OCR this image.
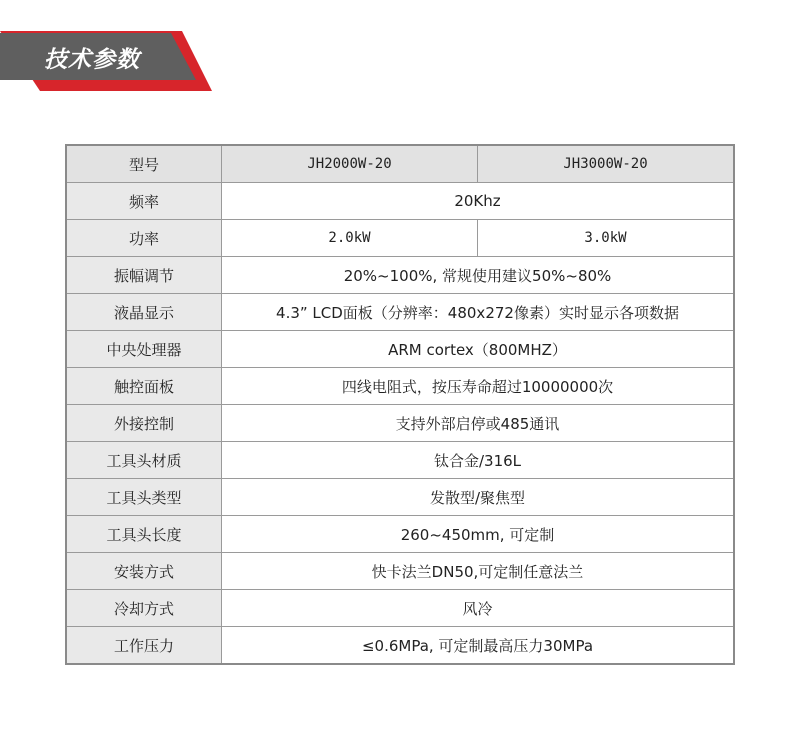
技术参数
型号	JH2000W-20	JH3000W-20
频率	20Khz	
功率	2.0kW	3.0kW
振幅调节	20%~100%, 常规使用建议50%~80%	
液晶显示	4.3” LCD面板（分辨率：480x272像素）实时显示各项数据	
中央处理器	ARM cortex（800MHZ）	
触控面板	四线电阻式，按压寿命超过10000000次	
外接控制	支持外部启停或485通讯	
工具头材质	钛合金/316L	
工具头类型	发散型/聚焦型	
工具头长度	260~450mm, 可定制	
安装方式	快卡法兰DN50,可定制任意法兰	
冷却方式	风冷	
工作压力	≤0.6MPa, 可定制最高压力30MPa	
